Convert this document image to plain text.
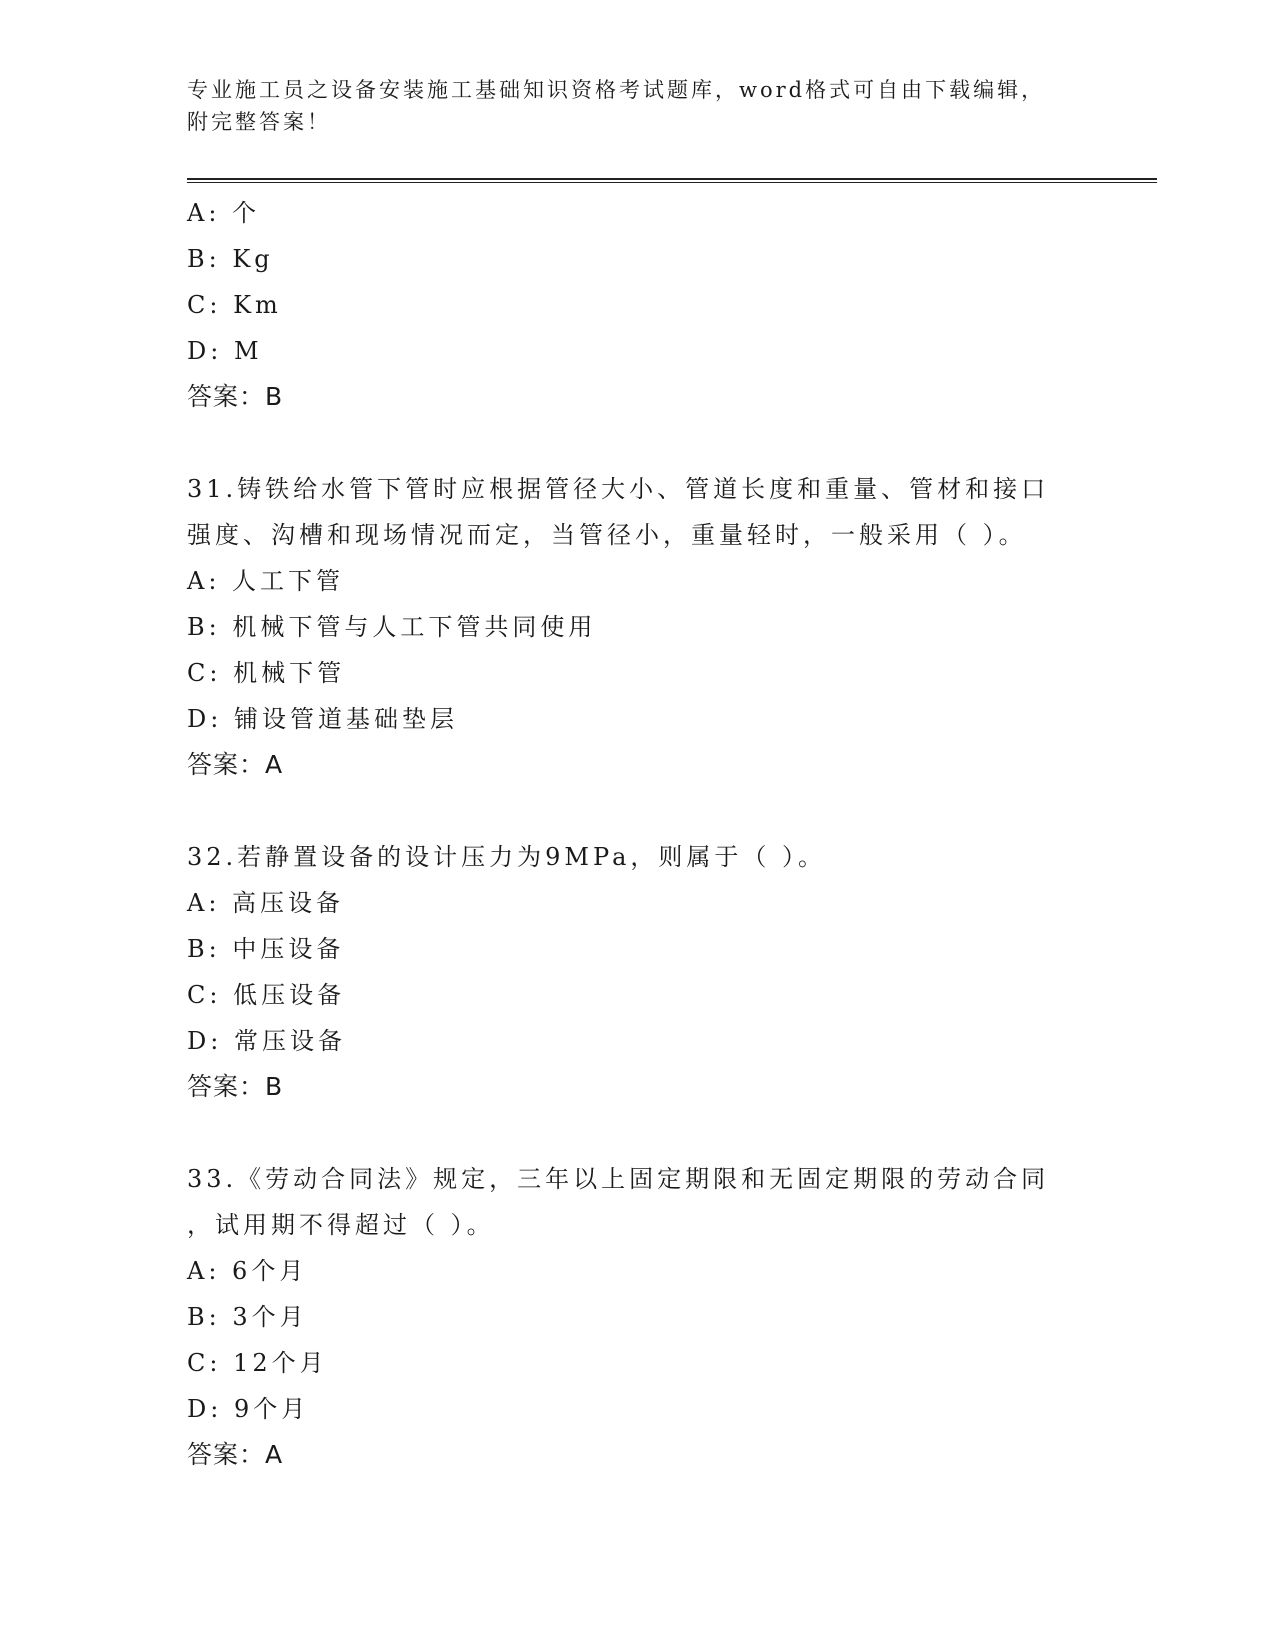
专业施工员之设备安装施工基础知识资格考试题库，word格式可自由下载编辑，
附完整答案！
A: 个
B: Kg
C: Km
D: M
答案：B
31.铸铁给水管下管时应根据管径大小、管道长度和重量、管材和接口
强度、沟槽和现场情况而定，当管径小，重量轻时，一般采用（ ）。
A: 人工下管
B: 机械下管与人工下管共同使用
C: 机械下管
D: 铺设管道基础垫层
答案：A
32.若静置设备的设计压力为9MPa，则属于（ ）。
A: 高压设备
B: 中压设备
C: 低压设备
D: 常压设备
答案：B
33.《劳动合同法》规定，三年以上固定期限和无固定期限的劳动合同
，试用期不得超过（ ）。
A: 6个月
B: 3个月
C: 12个月
D: 9个月
答案：A
